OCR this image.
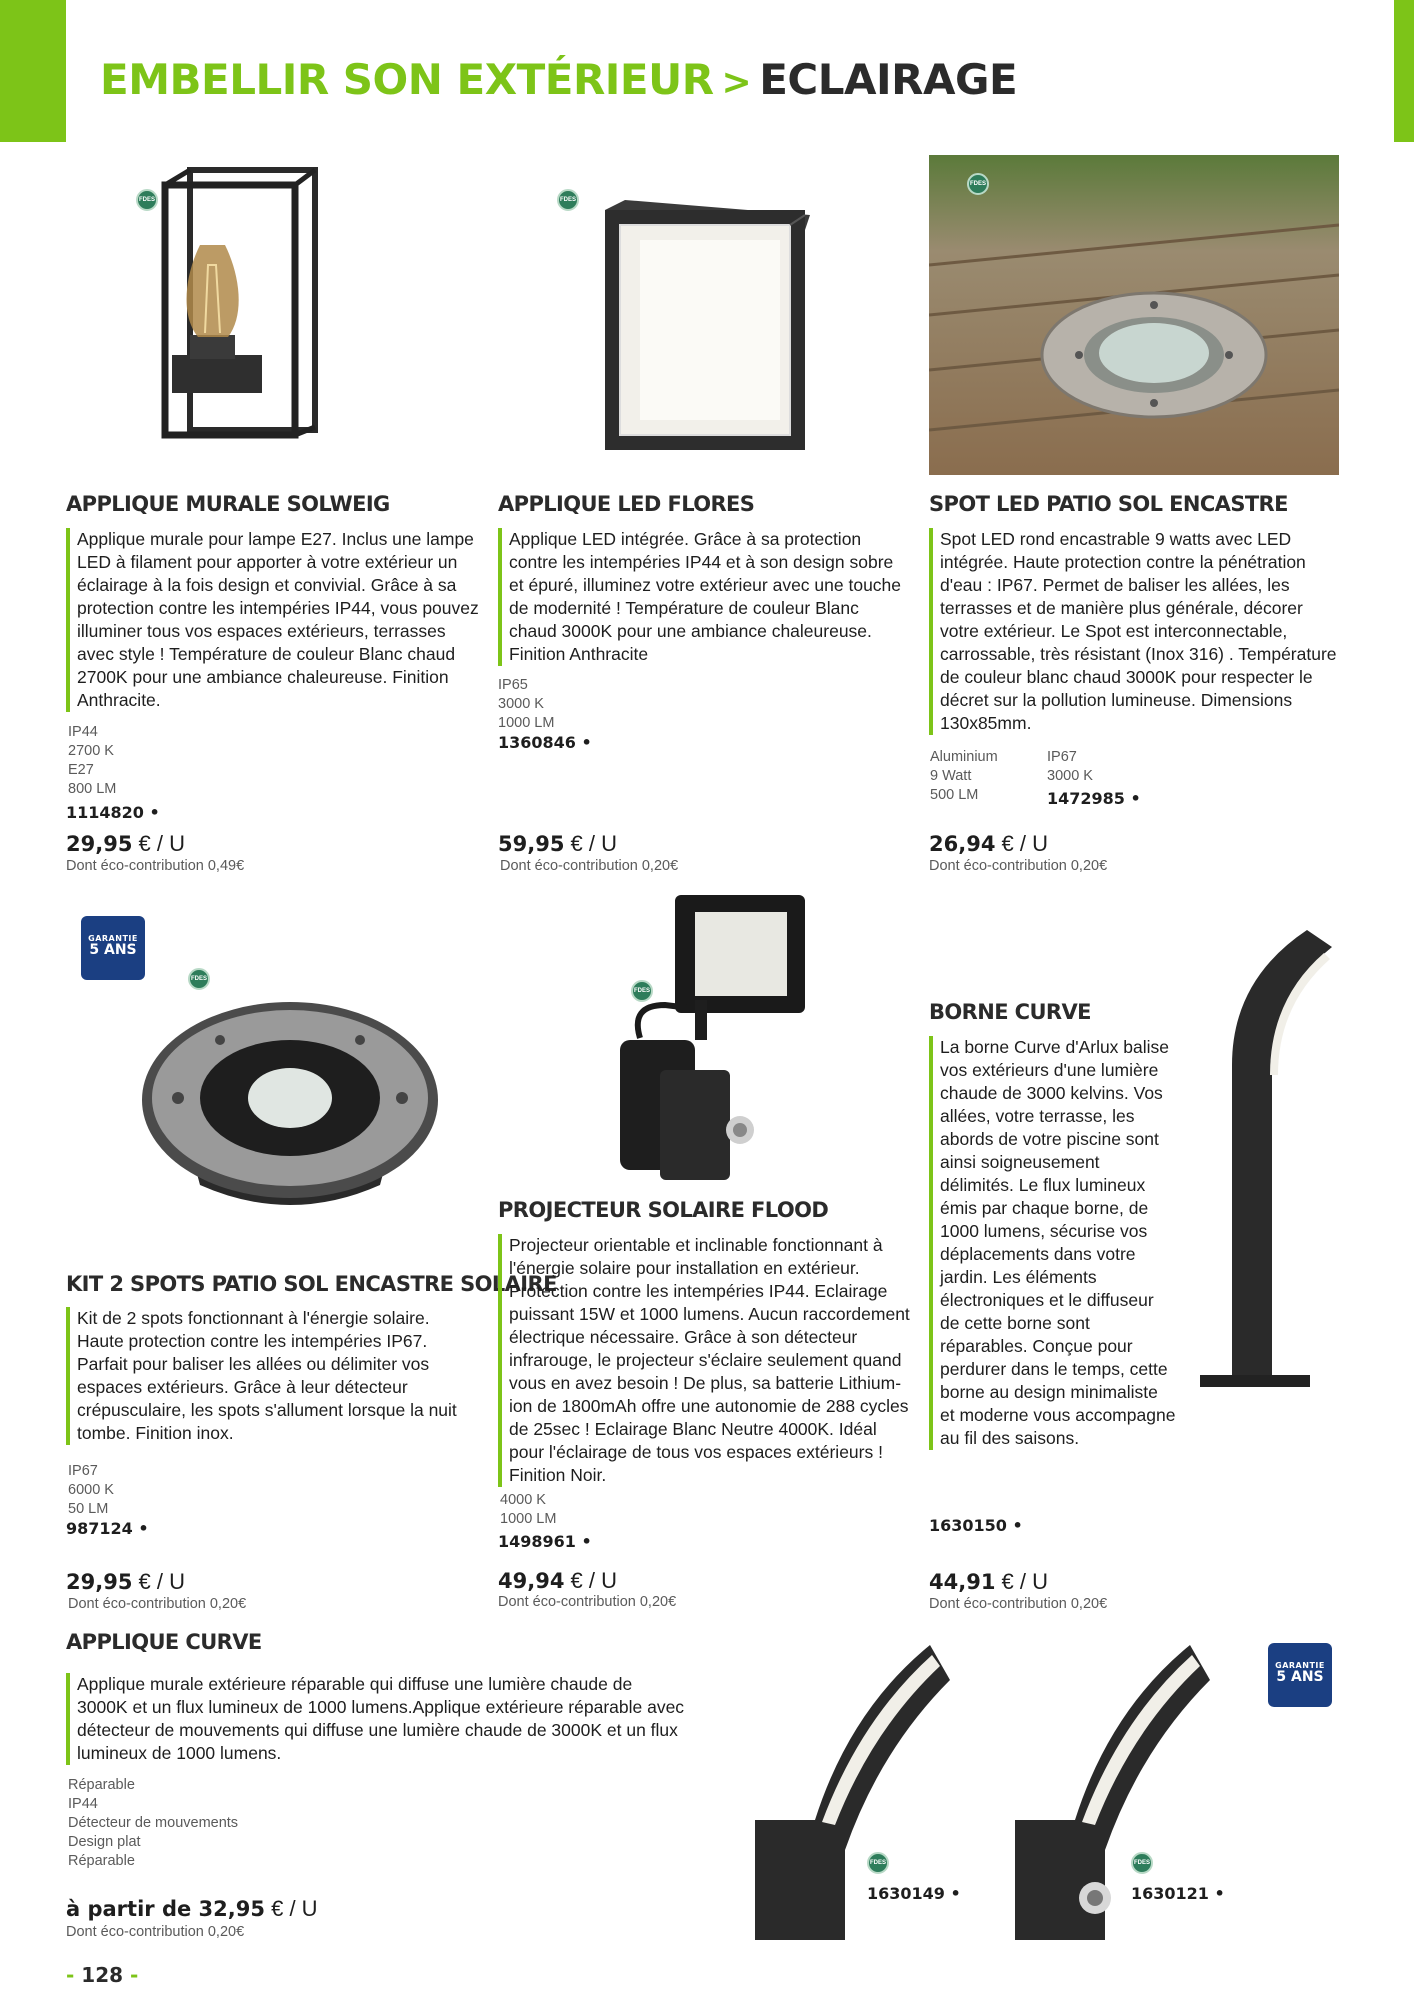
EMBELLIR SON EXTÉRIEUR > ECLAIRAGE
FDES	FDES
FDES
APPLIQUE MURALE SOLWEIG
Applique murale pour lampe E27. Inclus une lampe LED à filament pour apporter à votre extérieur un éclairage à la fois design et convivial. Grâce à sa protection contre les intempéries IP44, vous pouvez illuminer tous vos espaces extérieurs, terrasses avec style ! Température de couleur Blanc chaud 2700K pour une ambiance chaleureuse. Finition Anthracite.
IP44
2700 K
E27
800 LM
1114820 •
29,95 € / U
Dont éco-contribution 0,49€
APPLIQUE LED FLORES
Applique LED intégrée. Grâce à sa protection contre les intempéries IP44 et à son design sobre et épuré, illuminez votre extérieur avec une touche de modernité ! Température de couleur Blanc chaud 3000K pour une ambiance chaleureuse. Finition Anthracite
IP65
3000 K
1000 LM
1360846 •
59,95 € / U
Dont éco-contribution 0,20€
SPOT LED PATIO SOL ENCASTRE
Spot LED rond encastrable 9 watts avec LED intégrée. Haute protection contre la pénétration d'eau : IP67. Permet de baliser les allées, les terrasses et de manière plus générale, décorer votre extérieur. Le Spot est interconnectable, carrossable, très résistant (Inox 316) . Température de couleur blanc chaud 3000K pour respecter le décret sur la pollution lumineuse. Dimensions 130x85mm.
Aluminium
9 Watt
500 LM
IP67
3000 K
1472985 •
26,94 € / U
Dont éco-contribution 0,20€
GARANTIE
5 ANS
FDES
FDES
KIT 2 SPOTS PATIO SOL ENCASTRE SOLAIRE
Kit de 2 spots fonctionnant à l'énergie solaire. Haute protection contre les intempéries IP67. Parfait pour baliser les allées ou délimiter vos espaces extérieurs. Grâce à leur détecteur crépusculaire, les spots s'allument lorsque la nuit tombe. Finition inox.
IP67
6000 K
50 LM
987124 •
29,95 € / U
Dont éco-contribution 0,20€
PROJECTEUR SOLAIRE FLOOD
Projecteur orientable et inclinable fonctionnant à l'énergie solaire pour installation en extérieur. Protection contre les intempéries IP44. Eclairage puissant 15W et 1000 lumens. Aucun raccordement électrique nécessaire. Grâce à son détecteur infrarouge, le projecteur s'éclaire seulement quand vous en avez besoin ! De plus, sa batterie Lithium-ion de 1800mAh offre une autonomie de 288 cycles de 25sec ! Eclairage Blanc Neutre 4000K. Idéal pour l'éclairage de tous vos espaces extérieurs ! Finition Noir.
4000 K
1000 LM
1498961 •
49,94 € / U
Dont éco-contribution 0,20€
BORNE CURVE
La borne Curve d'Arlux balise vos extérieurs d'une lumière chaude de 3000 kelvins. Vos allées, votre terrasse, les abords de votre piscine sont ainsi soigneusement délimités. Le flux lumineux émis par chaque borne, de 1000 lumens, sécurise vos déplacements dans votre jardin. Les éléments électroniques et le diffuseur de cette borne sont réparables. Conçue pour perdurer dans le temps, cette borne au design minimaliste et moderne vous accompagne au fil des saisons.
1630150 •
44,91 € / U
Dont éco-contribution 0,20€
APPLIQUE CURVE
Applique murale extérieure réparable qui diffuse une lumière chaude de 3000K et un flux lumineux de 1000 lumens.Applique extérieure réparable avec détecteur de mouvements qui diffuse une lumière chaude de 3000K et un flux lumineux de 1000 lumens.
Réparable
IP44
Détecteur de mouvements
Design plat
Réparable
à partir de 32,95 € / U
Dont éco-contribution 0,20€
FDES
1630149 •
FDES
1630121 •
GARANTIE
5 ANS
- 128 -
